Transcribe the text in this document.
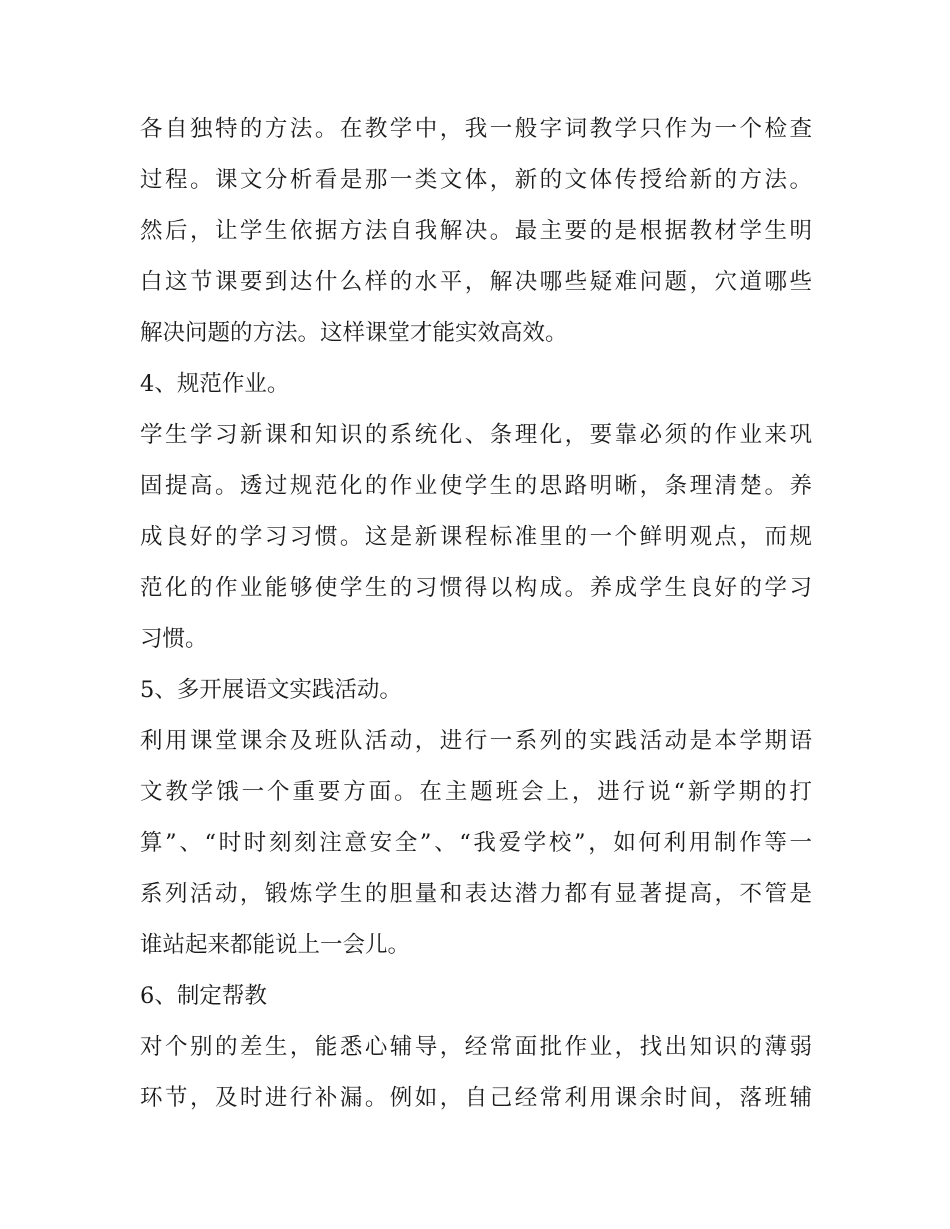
各自独特的方法。在教学中，我一般字词教学只作为一个检查
过程。课文分析看是那一类文体，新的文体传授给新的方法。
然后，让学生依据方法自我解决。最主要的是根据教材学生明
白这节课要到达什么样的水平，解决哪些疑难问题，穴道哪些
解决问题的方法。这样课堂才能实效高效。
4、规范作业。
学生学习新课和知识的系统化、条理化，要靠必须的作业来巩
固提高。透过规范化的作业使学生的思路明晰，条理清楚。养
成良好的学习习惯。这是新课程标准里的一个鲜明观点，而规
范化的作业能够使学生的习惯得以构成。养成学生良好的学习
习惯。
5、多开展语文实践活动。
利用课堂课余及班队活动，进行一系列的实践活动是本学期语
文教学饿一个重要方面。在主题班会上，进行说“新学期的打
算”、“时时刻刻注意安全”、“我爱学校”，如何利用制作等一
系列活动，锻炼学生的胆量和表达潜力都有显著提高，不管是
谁站起来都能说上一会儿。
6、制定帮教
对个别的差生，能悉心辅导，经常面批作业，找出知识的薄弱
环节，及时进行补漏。例如，自己经常利用课余时间，落班辅
